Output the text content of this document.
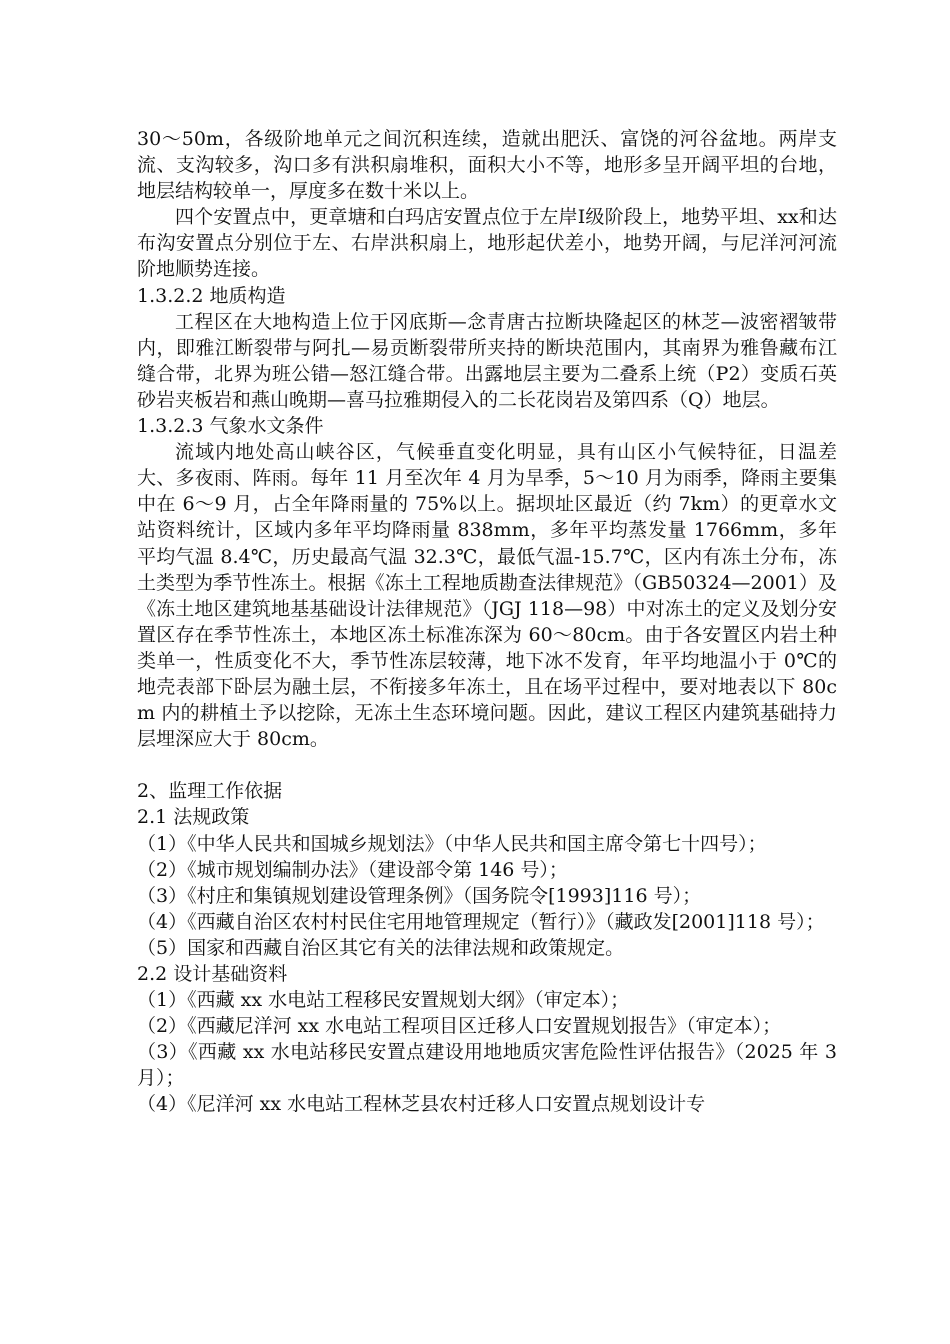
30～50m，各级阶地单元之间沉积连续，造就出肥沃、富饶的河谷盆地。两岸支流、支沟较多，沟口多有洪积扇堆积，面积大小不等，地形多呈开阔平坦的台地，地层结构较单一，厚度多在数十米以上。

四个安置点中，更章塘和白玛店安置点位于左岸Ⅰ级阶段上，地势平坦、xx和达布沟安置点分别位于左、右岸洪积扇上，地形起伏差小，地势开阔，与尼洋河河流阶地顺势连接。

1.3.2.2 地质构造

工程区在大地构造上位于冈底斯—念青唐古拉断块隆起区的林芝—波密褶皱带内，即雅江断裂带与阿扎—易贡断裂带所夹持的断块范围内，其南界为雅鲁藏布江缝合带，北界为班公错—怒江缝合带。出露地层主要为二叠系上统（P2）变质石英砂岩夹板岩和燕山晚期—喜马拉雅期侵入的二长花岗岩及第四系（Q）地层。

1.3.2.3 气象水文条件

流域内地处高山峡谷区，气候垂直变化明显，具有山区小气候特征，日温差大、多夜雨、阵雨。每年 11 月至次年 4 月为旱季，5～10 月为雨季，降雨主要集中在 6～9 月，占全年降雨量的 75%以上。据坝址区最近（约 7km）的更章水文站资料统计，区域内多年平均降雨量 838mm，多年平均蒸发量 1766mm，多年平均气温 8.4℃，历史最高气温 32.3℃，最低气温-15.7℃，区内有冻土分布，冻土类型为季节性冻土。根据《冻土工程地质勘查法律规范》（GB50324—2001）及《冻土地区建筑地基基础设计法律规范》（JGJ 118—98）中对冻土的定义及划分安置区存在季节性冻土，本地区冻土标准冻深为 60～80cm。由于各安置区内岩土种类单一，性质变化不大，季节性冻层较薄，地下冰不发育，年平均地温小于 0℃的地壳表部下卧层为融土层，不衔接多年冻土，且在场平过程中，要对地表以下 80cm 内的耕植土予以挖除，无冻土生态环境问题。因此，建议工程区内建筑基础持力层埋深应大于 80cm。

2、监理工作依据

2.1 法规政策

（1）《中华人民共和国城乡规划法》（中华人民共和国主席令第七十四号）；

（2）《城市规划编制办法》（建设部令第 146 号）；

（3）《村庄和集镇规划建设管理条例》（国务院令[1993]116 号）；

（4）《西藏自治区农村村民住宅用地管理规定（暂行）》（藏政发[2001]118 号）；

（5）国家和西藏自治区其它有关的法律法规和政策规定。

2.2 设计基础资料

（1）《西藏 xx 水电站工程移民安置规划大纲》（审定本）；

（2）《西藏尼洋河 xx 水电站工程项目区迁移人口安置规划报告》（审定本）；

（3）《西藏 xx 水电站移民安置点建设用地地质灾害危险性评估报告》（2025 年 3 月）；

（4）《尼洋河 xx 水电站工程林芝县农村迁移人口安置点规划设计专
